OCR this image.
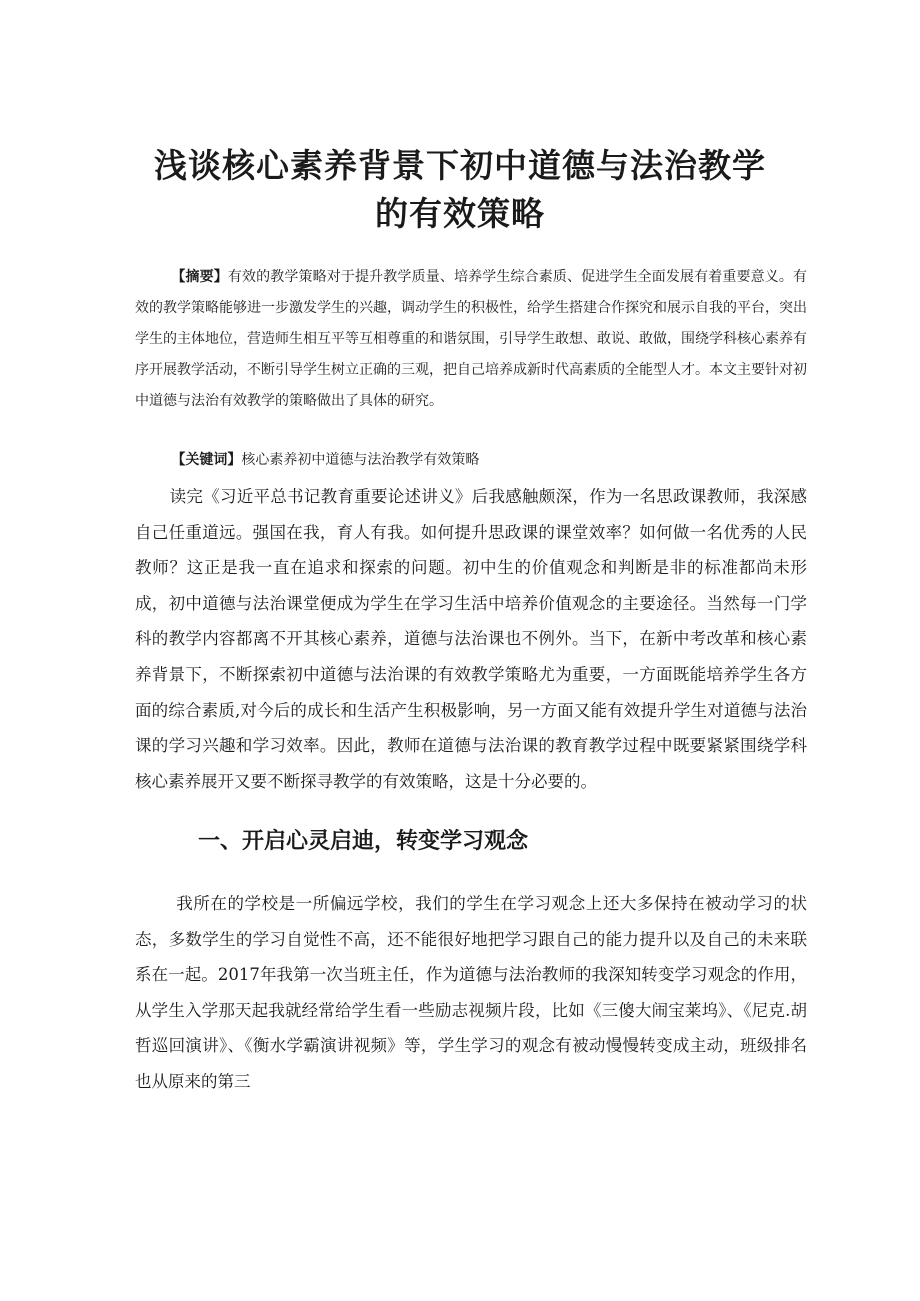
浅谈核心素养背景下初中道德与法治教学
的有效策略

【摘要】有效的教学策略对于提升教学质量、培养学生综合素质、促进学生全面发展有着重要意义。有效的教学策略能够进一步激发学生的兴趣，调动学生的积极性，给学生搭建合作探究和展示自我的平台，突出学生的主体地位，营造师生相互平等互相尊重的和谐氛围，引导学生敢想、敢说、敢做，围绕学科核心素养有序开展教学活动，不断引导学生树立正确的三观，把自己培养成新时代高素质的全能型人才。本文主要针对初中道德与法治有效教学的策略做出了具体的研究。

【关键词】核心素养初中道德与法治教学有效策略

读完《习近平总书记教育重要论述讲义》后我感触颇深，作为一名思政课教师，我深感自己任重道远。强国在我，育人有我。如何提升思政课的课堂效率？如何做一名优秀的人民教师？这正是我一直在追求和探索的问题。初中生的价值观念和判断是非的标准都尚未形成，初中道德与法治课堂便成为学生在学习生活中培养价值观念的主要途径。当然每一门学科的教学内容都离不开其核心素养，道德与法治课也不例外。当下，在新中考改革和核心素养背景下，不断探索初中道德与法治课的有效教学策略尤为重要，一方面既能培养学生各方面的综合素质,对今后的成长和生活产生积极影响，另一方面又能有效提升学生对道德与法治课的学习兴趣和学习效率。因此，教师在道德与法治课的教育教学过程中既要紧紧围绕学科核心素养展开又要不断探寻教学的有效策略，这是十分必要的。

一、开启心灵启迪，转变学习观念

我所在的学校是一所偏远学校，我们的学生在学习观念上还大多保持在被动学习的状态，多数学生的学习自觉性不高，还不能很好地把学习跟自己的能力提升以及自己的未来联系在一起。2017年我第一次当班主任，作为道德与法治教师的我深知转变学习观念的作用，从学生入学那天起我就经常给学生看一些励志视频片段，比如《三傻大闹宝莱坞》、《尼克.胡哲巡回演讲》、《衡水学霸演讲视频》等，学生学习的观念有被动慢慢转变成主动，班级排名也从原来的第三
